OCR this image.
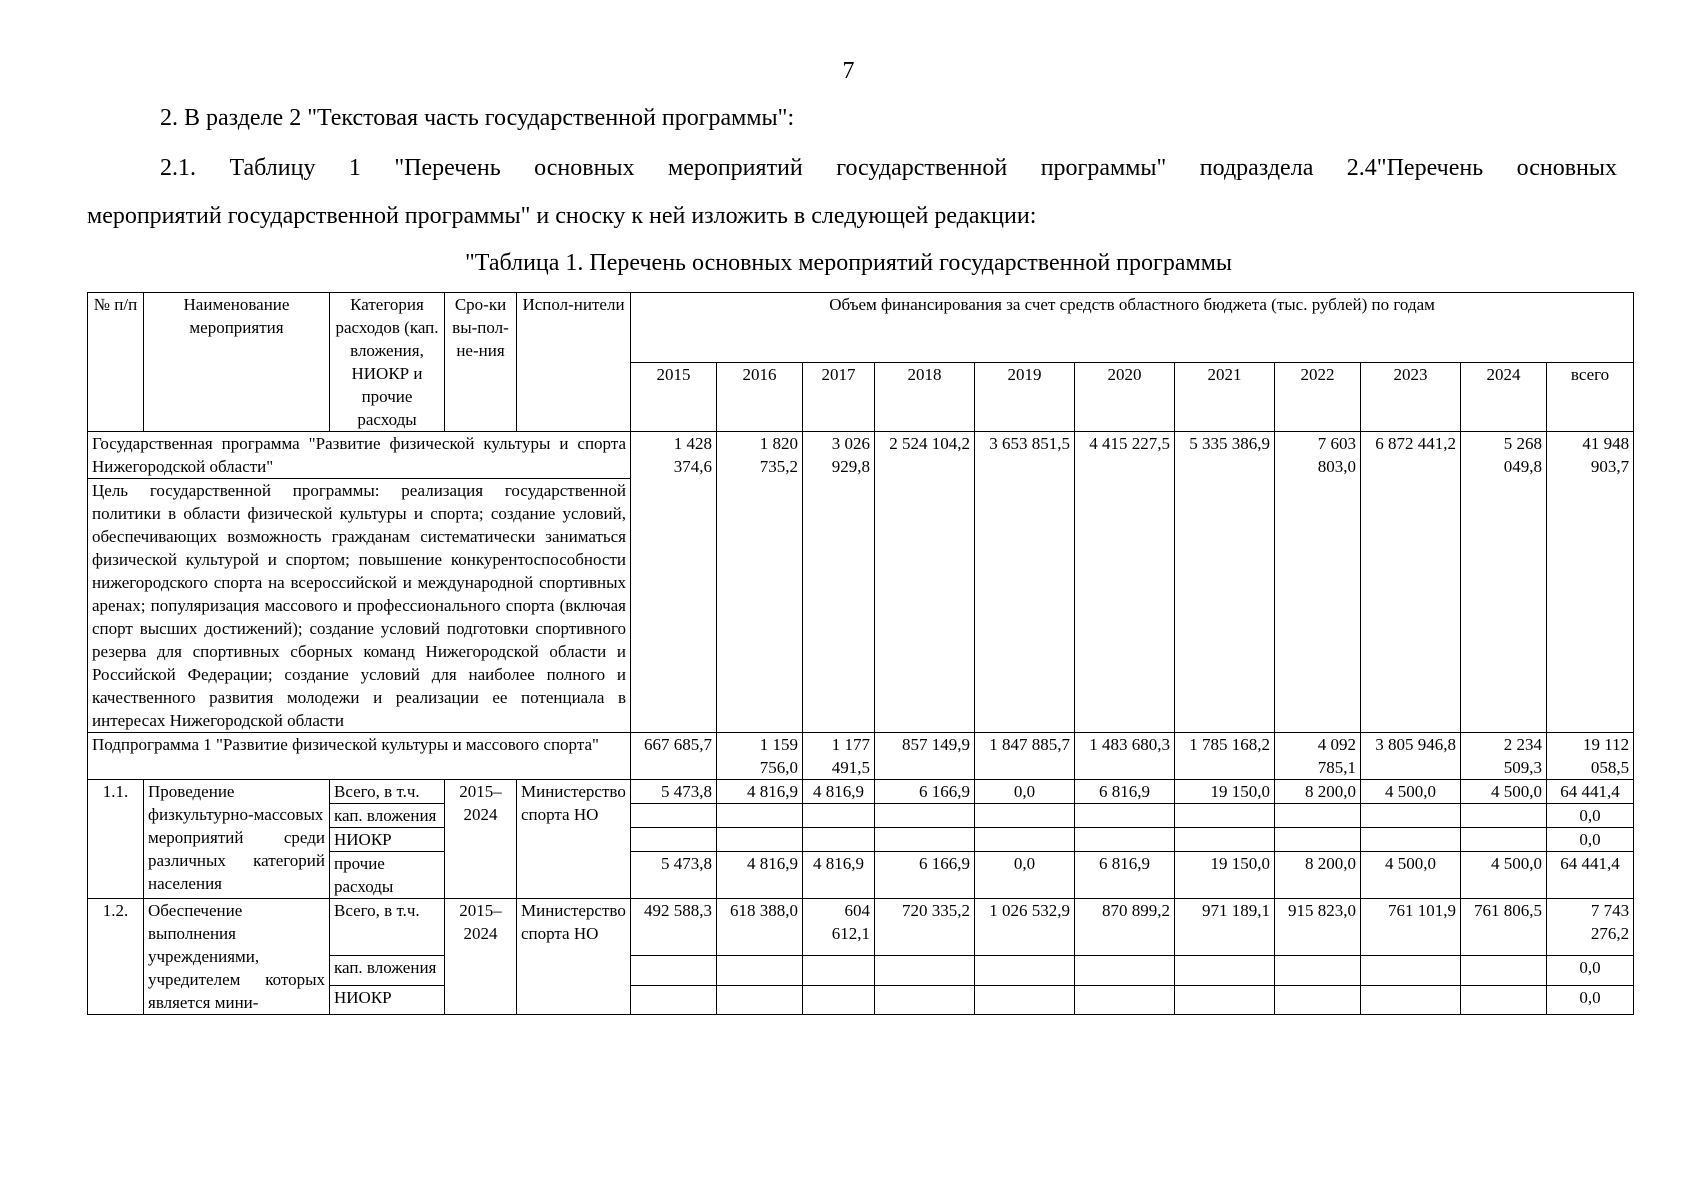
7
2. В разделе 2 "Текстовая часть государственной программы":
2.1. Таблицу 1 "Перечень основных мероприятий государственной программы" подраздела 2.4"Перечень основных
мероприятий государственной программы" и сноску к ней изложить в следующей редакции:
"Таблица 1. Перечень основных мероприятий государственной программы
№ п/п	Наименование мероприятия	Категория расходов (кап. вложения, НИОКР и прочие расходы	Сро-ки вы-пол-не-ния	Испол-нители	Объем финансирования за счет средств областного бюджета (тыс. рублей) по годам										
					2015	2016	2017	2018	2019	2020	2021	2022	2023	2024	всего
Государственная программа "Развитие физической культуры и спорта Нижегородской области"					1 428 374,6	1 820 735,2	3 026 929,8	2 524 104,2	3 653 851,5	4 415 227,5	5 335 386,9	7 603 803,0	6 872 441,2	5 268 049,8	41 948 903,7
Цель государственной программы: реализация государственной политики в области физической культуры и спорта; создание условий, обеспечивающих возможность гражданам систематически заниматься физической культурой и спортом; повышение конкурентоспособности нижегородского спорта на всероссийской и международной спортивных аренах; популяризация массового и профессионального спорта (включая спорт высших достижений); создание условий подготовки спортивного резерва для спортивных сборных команд Нижегородской области и Российской Федерации; создание условий для наиболее полного и качественного развития молодежи и реализации ее потенциала в интересах Нижегородской области															
Подпрограмма 1 "Развитие физической культуры и массового спорта"					667 685,7	1 159 756,0	1 177 491,5	857 149,9	1 847 885,7	1 483 680,3	1 785 168,2	4 092 785,1	3 805 946,8	2 234 509,3	19 112 058,5
1.1.	Проведение физкультурно-массовых мероприятий среди различных категорий населения	Всего, в т.ч.	2015–2024	Министерство спорта НО	5 473,8	4 816,9	4 816,9	6 166,9	0,0	6 816,9	19 150,0	8 200,0	4 500,0	4 500,0	64 441,4
		кап. вложения													0,0
		НИОКР													0,0
		прочие расходы			5 473,8	4 816,9	4 816,9	6 166,9	0,0	6 816,9	19 150,0	8 200,0	4 500,0	4 500,0	64 441,4
1.2.	Обеспечение выполнения учреждениями, учредителем которых является мини-	Всего, в т.ч.	2015–2024	Министерство спорта НО	492 588,3	618 388,0	604 612,1	720 335,2	1 026 532,9	870 899,2	971 189,1	915 823,0	761 101,9	761 806,5	7 743 276,2
		кап. вложения													0,0
		НИОКР													0,0
